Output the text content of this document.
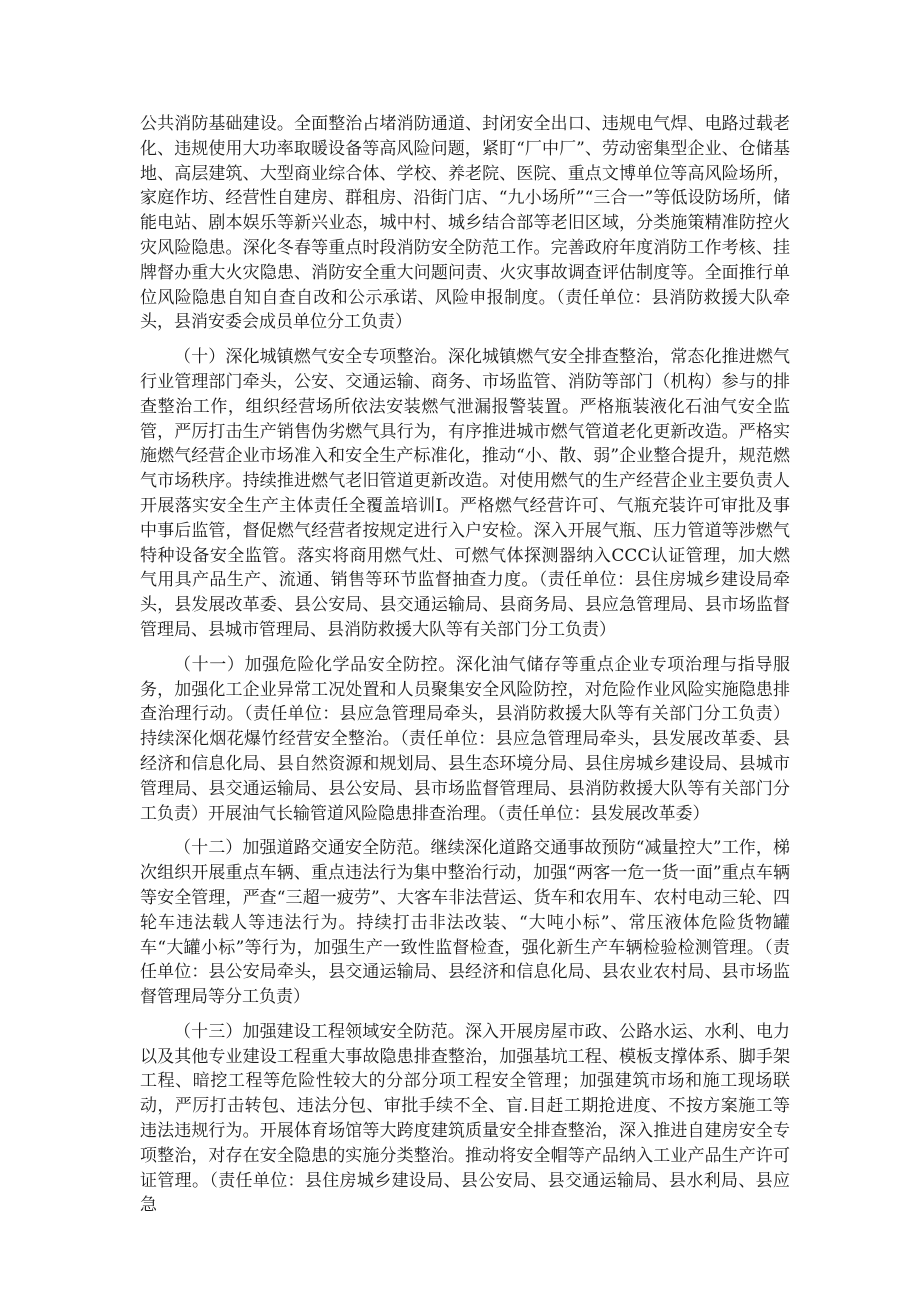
公共消防基础建设。全面整治占堵消防通道、封闭安全出口、违规电气焊、电路过载老化、违规使用大功率取暖设备等高风险问题，紧盯“厂中厂”、劳动密集型企业、仓储基地、高层建筑、大型商业综合体、学校、养老院、医院、重点文博单位等高风险场所，家庭作坊、经营性自建房、群租房、沿街门店、“九小场所”“三合一”等低设防场所，储能电站、剧本娱乐等新兴业态，城中村、城乡结合部等老旧区域，分类施策精准防控火灾风险隐患。深化冬春等重点时段消防安全防范工作。完善政府年度消防工作考核、挂牌督办重大火灾隐患、消防安全重大问题问责、火灾事故调查评估制度等。全面推行单位风险隐患自知自查自改和公示承诺、风险申报制度。（责任单位：县消防救援大队牵头，县消安委会成员单位分工负责）

（十）深化城镇燃气安全专项整治。深化城镇燃气安全排查整治，常态化推进燃气行业管理部门牵头，公安、交通运输、商务、市场监管、消防等部门（机构）参与的排查整治工作，组织经营场所依法安装燃气泄漏报警装置。严格瓶装液化石油气安全监管，严厉打击生产销售伪劣燃气具行为，有序推进城市燃气管道老化更新改造。严格实施燃气经营企业市场准入和安全生产标准化，推动“小、散、弱”企业整合提升，规范燃气市场秩序。持续推进燃气老旧管道更新改造。对使用燃气的生产经营企业主要负责人开展落实安全生产主体责任全覆盖培训Ⅰ。严格燃气经营许可、气瓶充装许可审批及事中事后监管，督促燃气经营者按规定进行入户安检。深入开展气瓶、压力管道等涉燃气特种设备安全监管。落实将商用燃气灶、可燃气体探测器纳入CCC认证管理，加大燃气用具产品生产、流通、销售等环节监督抽查力度。（责任单位：县住房城乡建设局牵头，县发展改革委、县公安局、县交通运输局、县商务局、县应急管理局、县市场监督管理局、县城市管理局、县消防救援大队等有关部门分工负责）

（十一）加强危险化学品安全防控。深化油气储存等重点企业专项治理与指导服务，加强化工企业异常工况处置和人员聚集安全风险防控，对危险作业风险实施隐患排查治理行动。（责任单位：县应急管理局牵头，县消防救援大队等有关部门分工负责）持续深化烟花爆竹经营安全整治。（责任单位：县应急管理局牵头，县发展改革委、县经济和信息化局、县自然资源和规划局、县生态环境分局、县住房城乡建设局、县城市管理局、县交通运输局、县公安局、县市场监督管理局、县消防救援大队等有关部门分工负责）开展油气长输管道风险隐患排查治理。（责任单位：县发展改革委）

（十二）加强道路交通安全防范。继续深化道路交通事故预防“减量控大”工作，梯次组织开展重点车辆、重点违法行为集中整治行动，加强“两客一危一货一面”重点车辆等安全管理，严查“三超一疲劳”、大客车非法营运、货车和农用车、农村电动三轮、四轮车违法载人等违法行为。持续打击非法改装、“大吨小标”、常压液体危险货物罐车“大罐小标”等行为，加强生产一致性监督检查，强化新生产车辆检验检测管理。（责任单位：县公安局牵头，县交通运输局、县经济和信息化局、县农业农村局、县市场监督管理局等分工负责）

（十三）加强建设工程领域安全防范。深入开展房屋市政、公路水运、水利、电力以及其他专业建设工程重大事故隐患排查整治，加强基坑工程、模板支撑体系、脚手架工程、暗挖工程等危险性较大的分部分项工程安全管理；加强建筑市场和施工现场联动，严厉打击转包、违法分包、审批手续不全、盲.目赶工期抢进度、不按方案施工等违法违规行为。开展体育场馆等大跨度建筑质量安全排查整治，深入推进自建房安全专项整治，对存在安全隐患的实施分类整治。推动将安全帽等产品纳入工业产品生产许可证管理。（责任单位：县住房城乡建设局、县公安局、县交通运输局、县水利局、县应急
